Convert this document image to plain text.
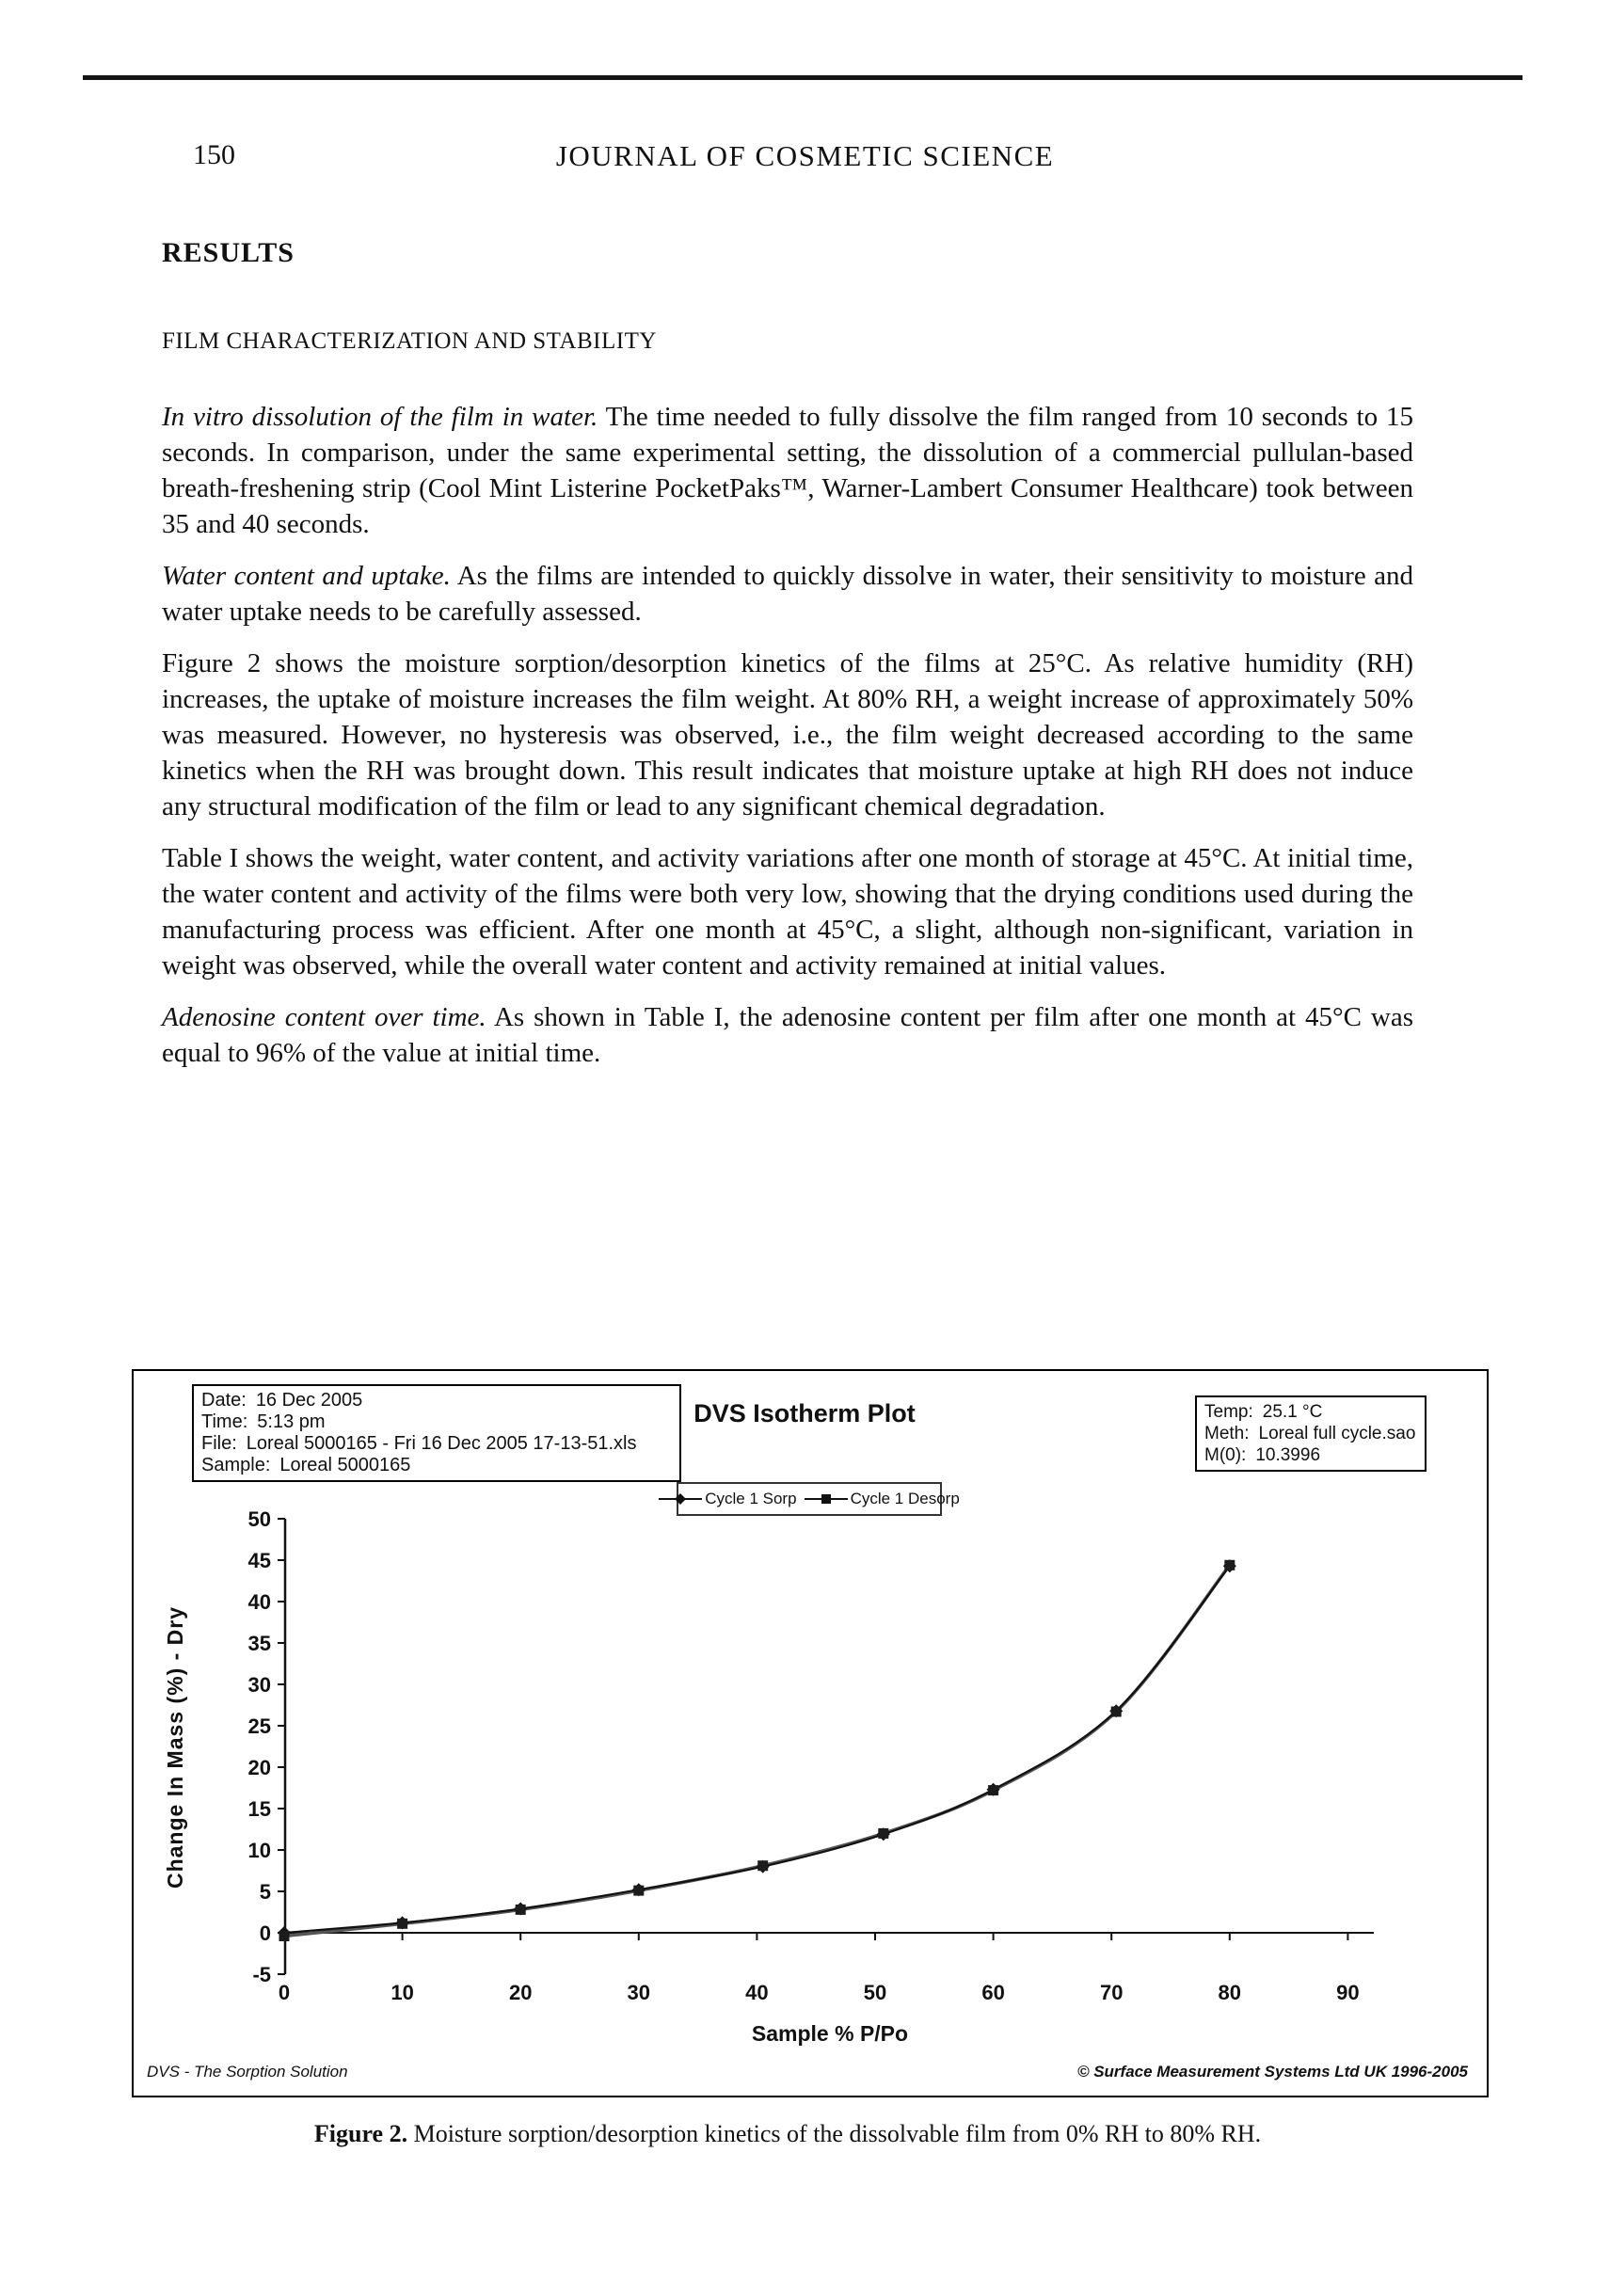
150	JOURNAL OF COSMETIC SCIENCE
RESULTS
FILM CHARACTERIZATION AND STABILITY

In vitro dissolution of the film in water. The time needed to fully dissolve the film ranged from 10 seconds to 15 seconds. In comparison, under the same experimental setting, the dissolution of a commercial pullulan-based breath-freshening strip (Cool Mint Listerine PocketPaks™, Warner-Lambert Consumer Healthcare) took between 35 and 40 seconds.

Water content and uptake. As the films are intended to quickly dissolve in water, their sensitivity to moisture and water uptake needs to be carefully assessed.

Figure 2 shows the moisture sorption/desorption kinetics of the films at 25°C. As relative humidity (RH) increases, the uptake of moisture increases the film weight. At 80% RH, a weight increase of approximately 50% was measured. However, no hysteresis was observed, i.e., the film weight decreased according to the same kinetics when the RH was brought down. This result indicates that moisture uptake at high RH does not induce any structural modification of the film or lead to any significant chemical degradation.

Table I shows the weight, water content, and activity variations after one month of storage at 45°C. At initial time, the water content and activity of the films were both very low, showing that the drying conditions used during the manufacturing process was efficient. After one month at 45°C, a slight, although non-significant, variation in weight was observed, while the overall water content and activity remained at initial values.

Adenosine content over time. As shown in Table I, the adenosine content per film after one month at 45°C was equal to 96% of the value at initial time.

-5
0
5
10
15
20
25
30
35
40
45
50
0	10	20	30	40	50	60	70	80	90
Change In Mass (%) - Dry
Sample % P/Po
Date: 16 Dec 2005
Time: 5:13 pm
File: Loreal 5000165 - Fri 16 Dec 2005 17-13-51.xls
Sample: Loreal 5000165
DVS Isotherm Plot	Temp: 25.1 °C
Meth: Loreal full cycle.sao
M(0): 10.3996
Cycle 1 Sorp	Cycle 1 Desorp
DVS - The Sorption Solution	© Surface Measurement Systems Ltd UK 1996-2005
Figure 2. Moisture sorption/desorption kinetics of the dissolvable film from 0% RH to 80% RH.
